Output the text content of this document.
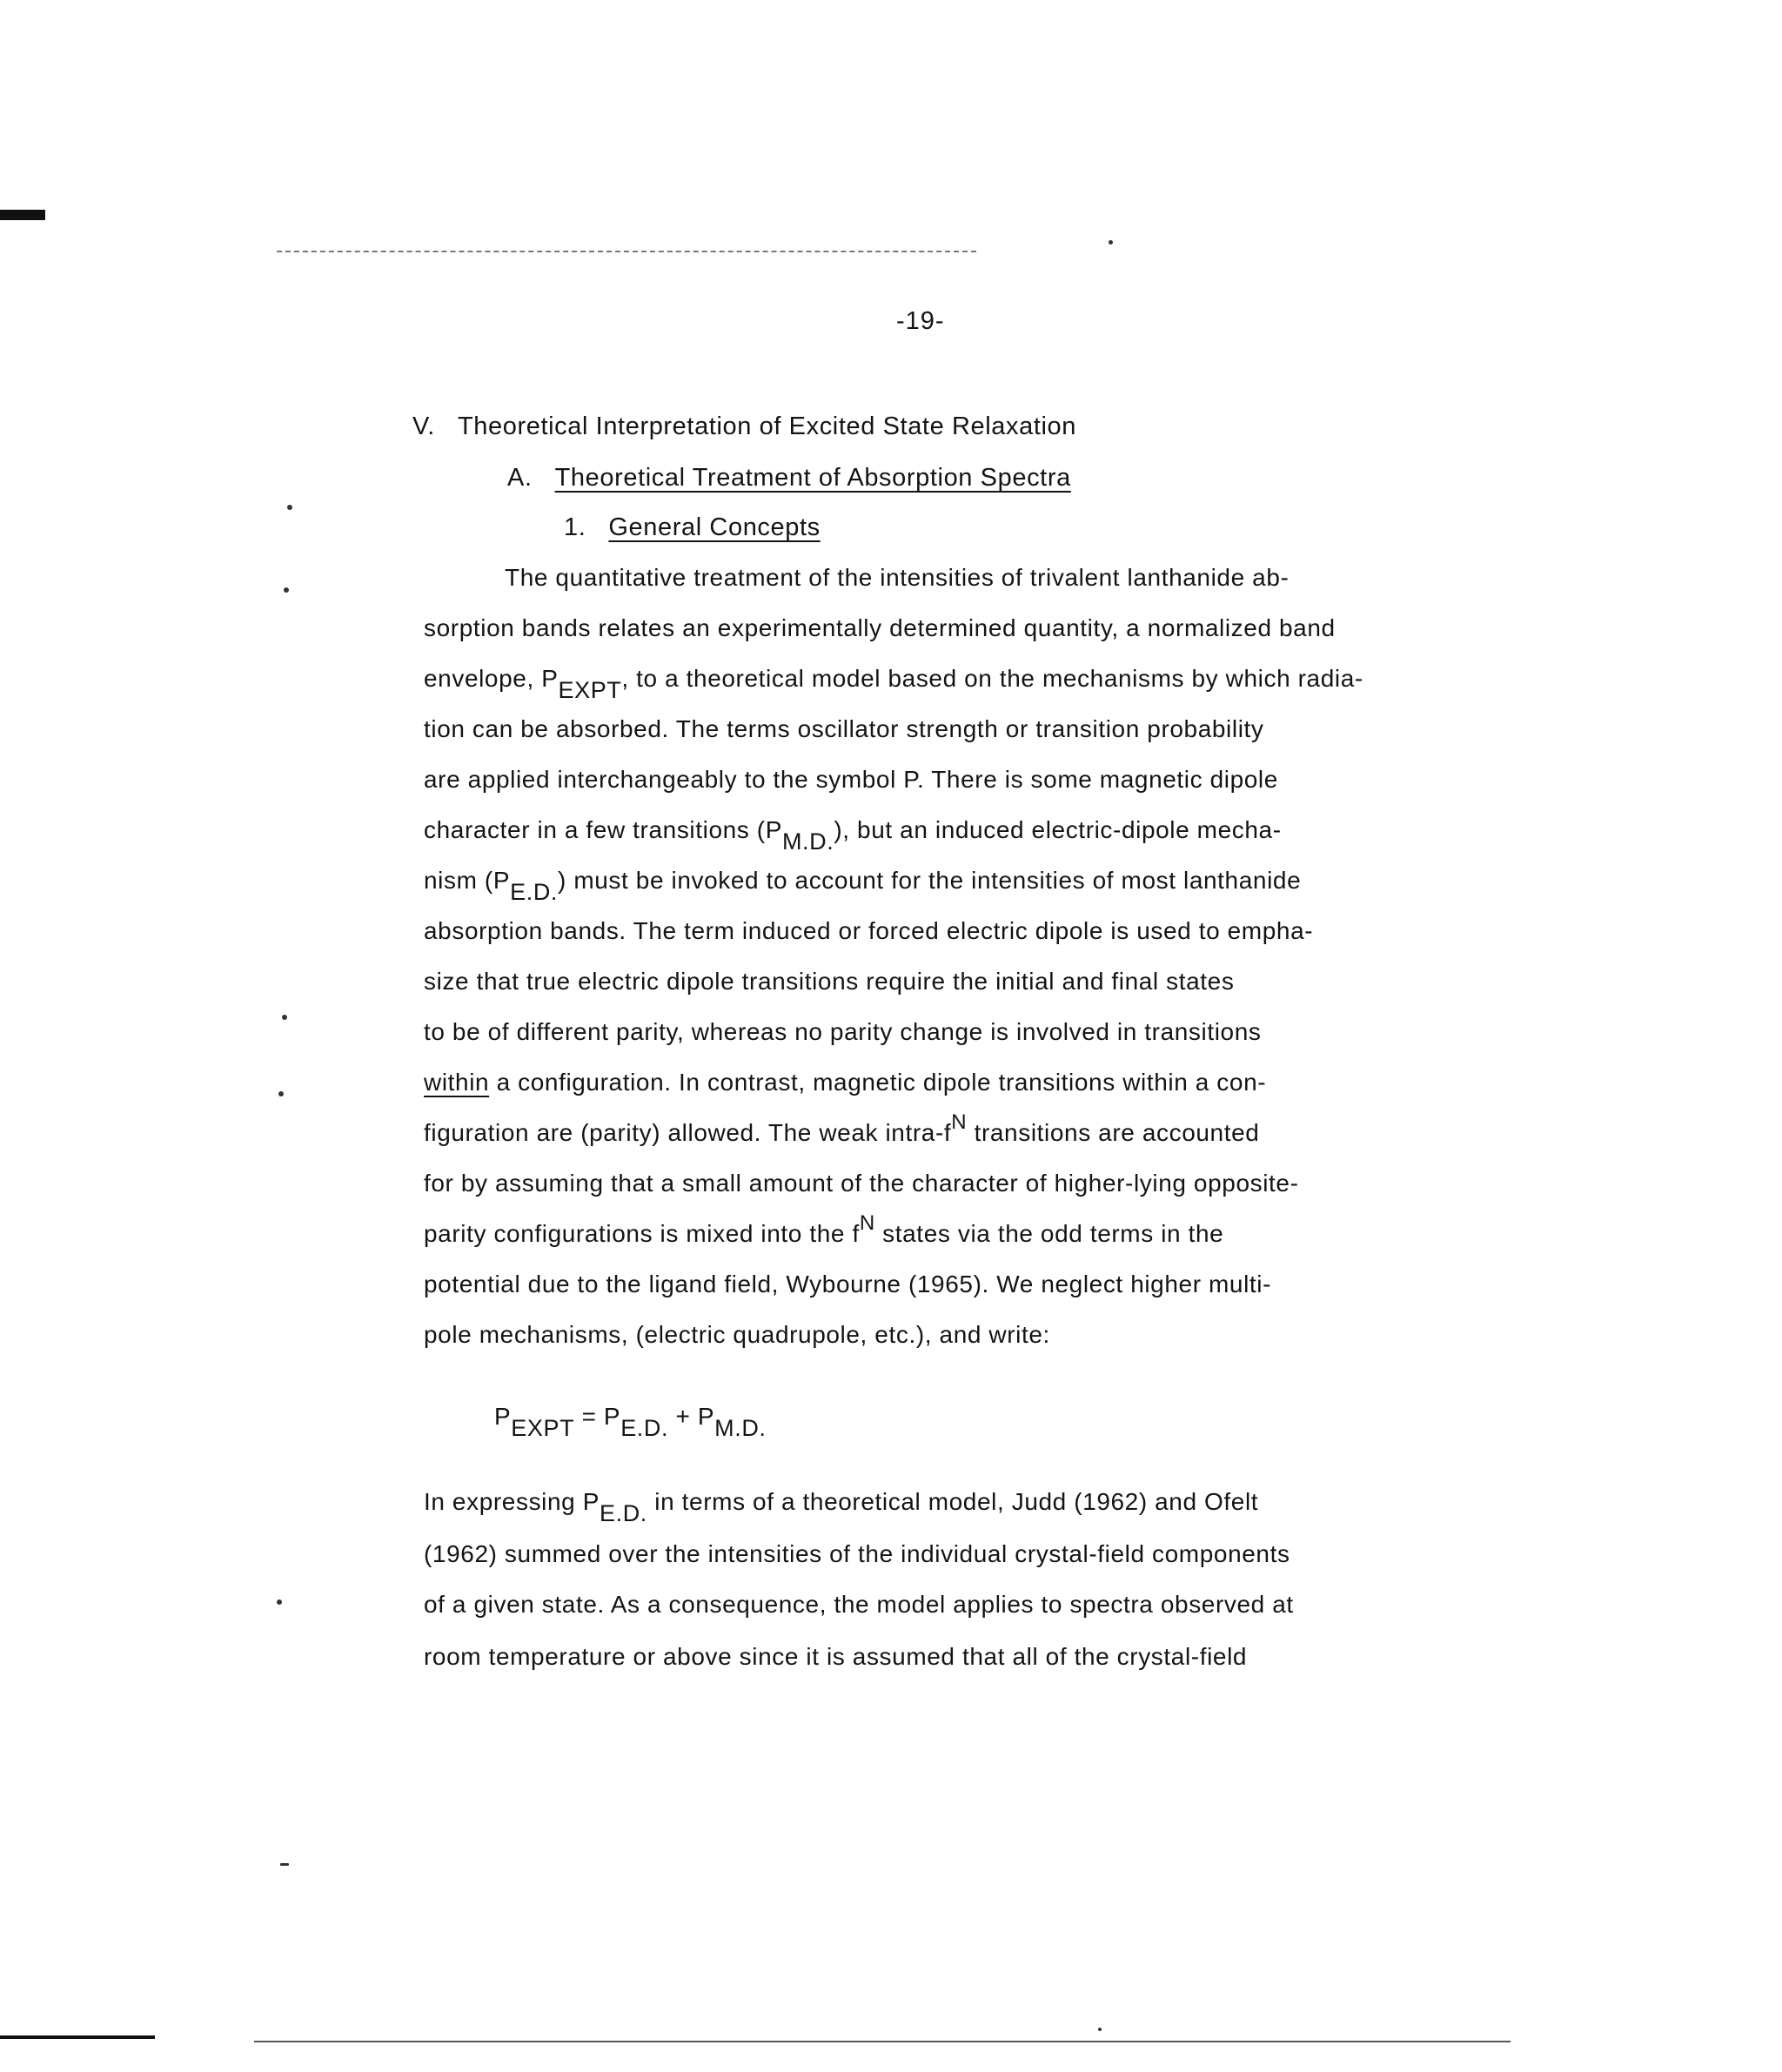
-19-
V. Theoretical Interpretation of Excited State Relaxation
A. Theoretical Treatment of Absorption Spectra
1. General Concepts
The quantitative treatment of the intensities of trivalent lanthanide ab-
sorption bands relates an experimentally determined quantity, a normalized band
envelope, PEXPT, to a theoretical model based on the mechanisms by which radia-
tion can be absorbed. The terms oscillator strength or transition probability
are applied interchangeably to the symbol P. There is some magnetic dipole
character in a few transitions (PM.D.), but an induced electric-dipole mecha-
nism (PE.D.) must be invoked to account for the intensities of most lanthanide
absorption bands. The term induced or forced electric dipole is used to empha-
size that true electric dipole transitions require the initial and final states
to be of different parity, whereas no parity change is involved in transitions
within a configuration. In contrast, magnetic dipole transitions within a con-
figuration are (parity) allowed. The weak intra-fN transitions are accounted
for by assuming that a small amount of the character of higher-lying opposite-
parity configurations is mixed into the fN states via the odd terms in the
potential due to the ligand field, Wybourne (1965). We neglect higher multi-
pole mechanisms, (electric quadrupole, etc.), and write:
PEXPT = PE.D. + PM.D.
In expressing PE.D. in terms of a theoretical model, Judd (1962) and Ofelt
(1962) summed over the intensities of the individual crystal-field components
of a given state. As a consequence, the model applies to spectra observed at
room temperature or above since it is assumed that all of the crystal-field
